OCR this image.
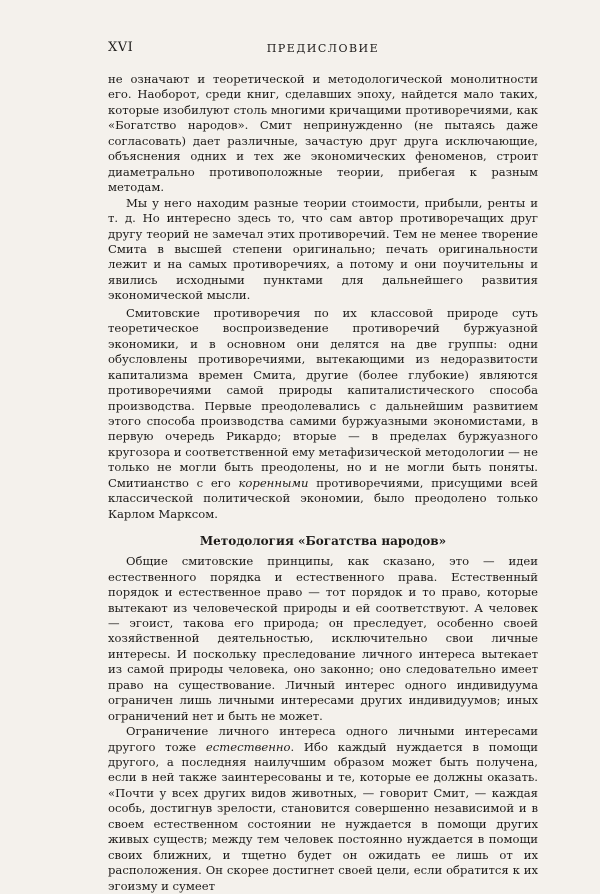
XVI	ПРЕДИСЛОВИЕ

не означают и теоретической и методологической монолитности его. Наоборот, среди книг, сделавших эпоху, найдется мало таких, которые изобилуют столь многими кричащими противоречиями, как «Богатство народов». Смит непринужденно (не пытаясь даже согласовать) дает различные, зачастую друг друга исключающие, объяснения одних и тех же экономических феноменов, строит диаметрально противоположные теории, прибегая к разным методам.

Мы у него находим разные теории стоимости, прибыли, ренты и т. д. Но интересно здесь то, что сам автор противоречащих друг другу теорий не замечал этих противоречий. Тем не менее творение Смита в высшей степени оригинально; печать оригинальности лежит и на самых противоречиях, а потому и они поучительны и явились исходными пунктами для дальнейшего развития экономической мысли.

Смитовские противоречия по их классовой природе суть теоретическое воспроизведение противоречий буржуазной экономики, и в основном они делятся на две группы: одни обусловлены противоречиями, вытекающими из недоразвитости капитализма времен Смита, другие (более глубокие) являются противоречиями самой природы капиталистического способа производства. Первые преодолевались с дальнейшим развитием этого способа производства самими буржуазными экономистами, в первую очередь Рикардо; вторые — в пределах буржуазного кругозора и соответственной ему метафизической методологии — не только не могли быть преодолены, но и не могли быть поняты. Смитианство с его коренными противоречиями, присущими всей классической политической экономии, было преодолено только Карлом Марксом.

Методология «Богатства народов»

Общие смитовские принципы, как сказано, это — идеи естественного порядка и естественного права. Естественный порядок и естественное право — тот порядок и то право, которые вытекают из человеческой природы и ей соответствуют. А человек — эгоист, такова его природа; он преследует, особенно своей хозяйственной деятельностью, исключительно свои личные интересы. И поскольку преследование личного интереса вытекает из самой природы человека, оно законно; оно следовательно имеет право на существование. Личный интерес одного индивидуума ограничен лишь личными интересами других индивидуумов; иных ограничений нет и быть не может.

Ограничение личного интереса одного личными интересами другого тоже естественно. Ибо каждый нуждается в помощи другого, а последняя наилучшим образом может быть получена, если в ней также заинтересованы и те, которые ее должны оказать. «Почти у всех других видов животных, — говорит Смит, — каждая особь, достигнув зрелости, становится совершенно независимой и в своем естественном состоянии не нуждается в помощи других живых существ; между тем человек постоянно нуждается в помощи своих ближних, и тщетно будет он ожидать ее лишь от их расположения. Он скорее достигнет своей цели, если обратится к их эгоизму и сумеет
